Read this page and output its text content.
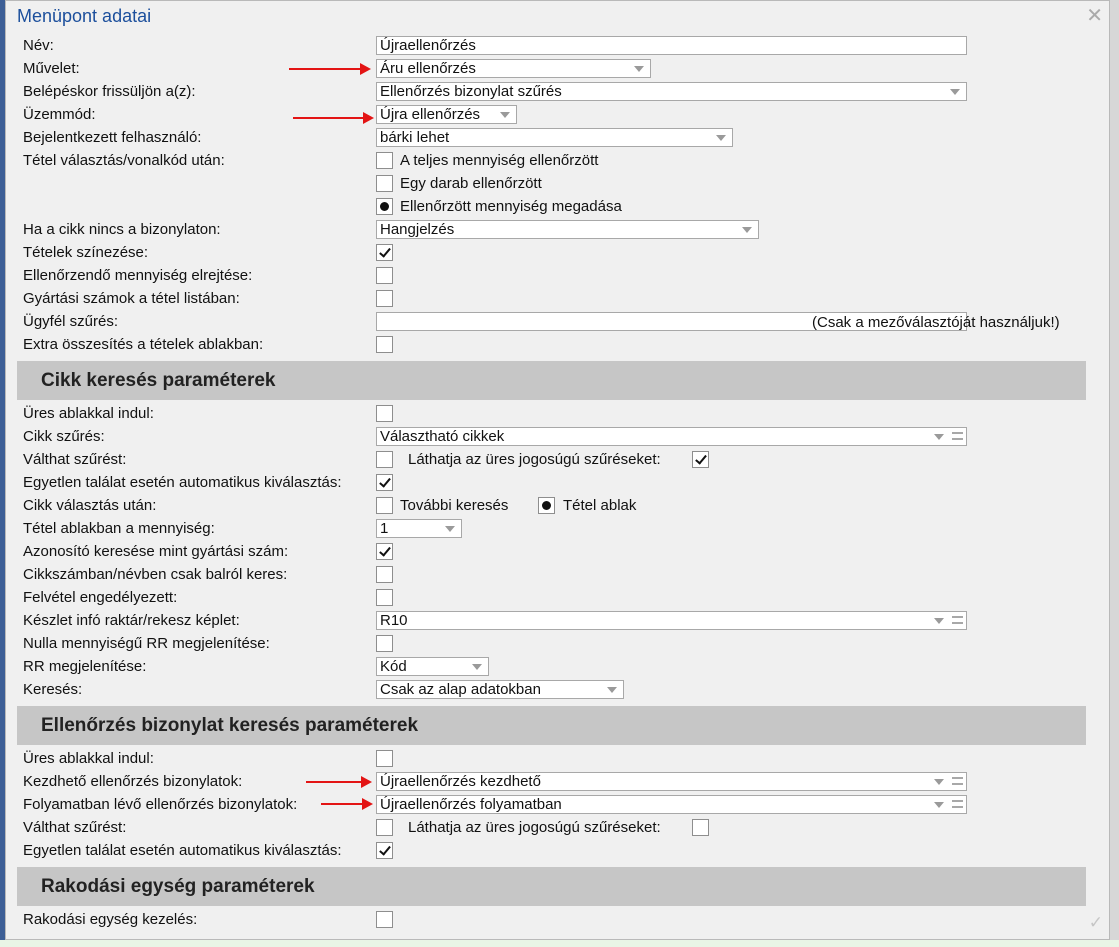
Menüpont adatai	✕
Név:	Újraellenőrzés
Művelet:	Áru ellenőrzés
Belépéskor frissüljön a(z):	Ellenőrzés bizonylat szűrés
Üzemmód:	Újra ellenőrzés
Bejelentkezett felhasználó:	bárki lehet
Tétel választás/vonalkód után:	A teljes mennyiség ellenőrzött
Egy darab ellenőrzött
Ellenőrzött mennyiség megadása
Ha a cikk nincs a bizonylaton:	Hangjelzés
Tételek színezése:
Ellenőrzendő mennyiség elrejtése:
Gyártási számok a tétel listában:
Ügyfél szűrés:	(Csak a mezőválasztóját használjuk!)
Extra összesítés a tételek ablakban:
Cikk keresés paraméterek
Üres ablakkal indul:
Cikk szűrés:	Választható cikkek
Válthat szűrést:	Láthatja az üres jogosúgú szűréseket:
Egyetlen találat esetén automatikus kiválasztás:
Cikk választás után:	További keresés	Tétel ablak
Tétel ablakban a mennyiség:	1
Azonosító keresése mint gyártási szám:
Cikkszámban/névben csak balról keres:
Felvétel engedélyezett:
Készlet infó raktár/rekesz képlet:	R10
Nulla mennyiségű RR megjelenítése:
RR megjelenítése:	Kód
Keresés:	Csak az alap adatokban
Ellenőrzés bizonylat keresés paraméterek
Üres ablakkal indul:
Kezdhető ellenőrzés bizonylatok:	Újraellenőrzés kezdhető
Folyamatban lévő ellenőrzés bizonylatok:	Újraellenőrzés folyamatban
Válthat szűrést:	Láthatja az üres jogosúgú szűréseket:
Egyetlen találat esetén automatikus kiválasztás:
Rakodási egység paraméterek
Rakodási egység kezelés:	✓
